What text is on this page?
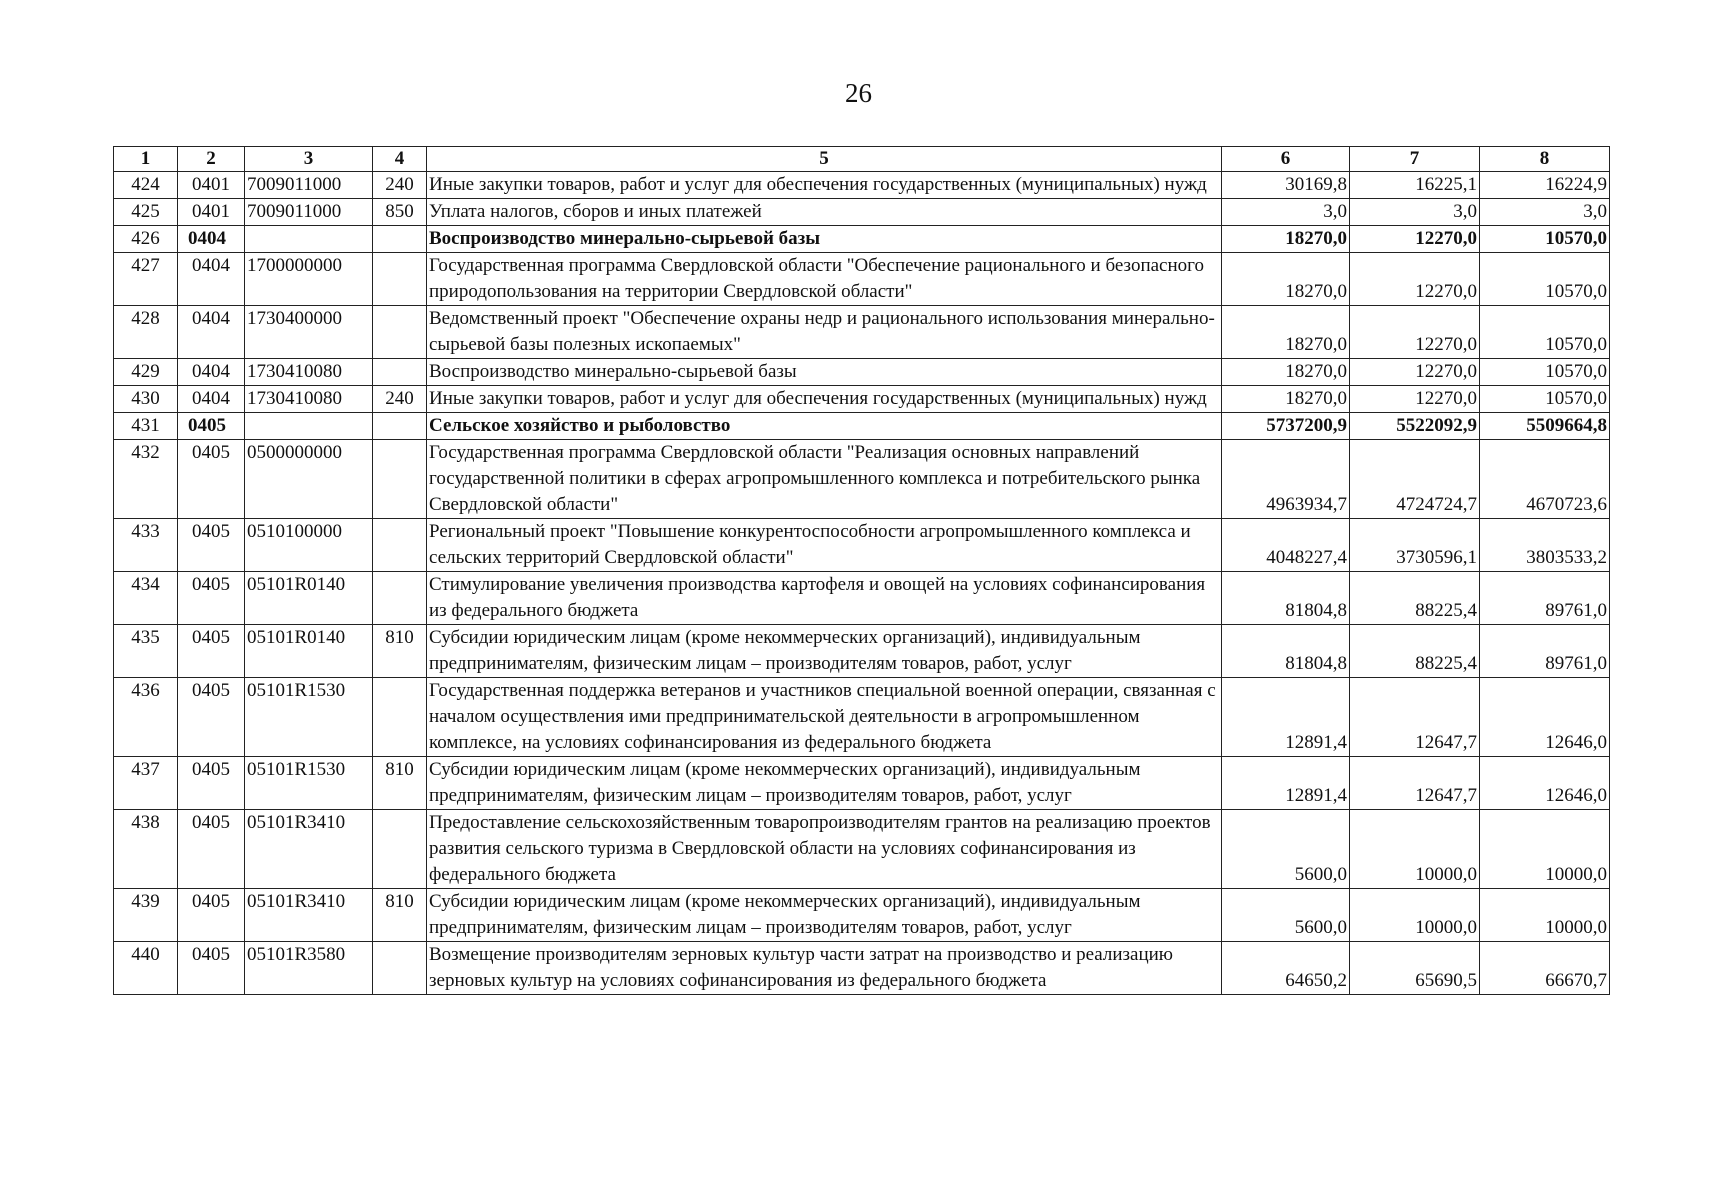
26
1	2	3	4	5	6	7	8
424	0401	7009011000	240	Иные закупки товаров, работ и услуг для обеспечения государственных (муниципальных) нужд	30169,8	16225,1	16224,9
425	0401	7009011000	850	Уплата налогов, сборов и иных платежей	3,0	3,0	3,0
426	0404			Воспроизводство минерально-сырьевой базы	18270,0	12270,0	10570,0
427	0404	1700000000		Государственная программа Свердловской области "Обеспечение рационального и безопасного природопользования на территории Свердловской области"	18270,0	12270,0	10570,0
428	0404	1730400000		Ведомственный проект "Обеспечение охраны недр и рационального использования минерально-сырьевой базы полезных ископаемых"	18270,0	12270,0	10570,0
429	0404	1730410080		Воспроизводство минерально-сырьевой базы	18270,0	12270,0	10570,0
430	0404	1730410080	240	Иные закупки товаров, работ и услуг для обеспечения государственных (муниципальных) нужд	18270,0	12270,0	10570,0
431	0405			Сельское хозяйство и рыболовство	5737200,9	5522092,9	5509664,8
432	0405	0500000000		Государственная программа Свердловской области "Реализация основных направлений государственной политики в сферах агропромышленного комплекса и потребительского рынка Свердловской области"	4963934,7	4724724,7	4670723,6
433	0405	0510100000		Региональный проект "Повышение конкурентоспособности агропромышленного комплекса и сельских территорий Свердловской области"	4048227,4	3730596,1	3803533,2
434	0405	05101R0140		Стимулирование увеличения производства картофеля и овощей на условиях софинансирования из федерального бюджета	81804,8	88225,4	89761,0
435	0405	05101R0140	810	Субсидии юридическим лицам (кроме некоммерческих организаций), индивидуальным предпринимателям, физическим лицам – производителям товаров, работ, услуг	81804,8	88225,4	89761,0
436	0405	05101R1530		Государственная поддержка ветеранов и участников специальной военной операции, связанная с началом осуществления ими предпринимательской деятельности в агропромышленном комплексе, на условиях софинансирования из федерального бюджета	12891,4	12647,7	12646,0
437	0405	05101R1530	810	Субсидии юридическим лицам (кроме некоммерческих организаций), индивидуальным предпринимателям, физическим лицам – производителям товаров, работ, услуг	12891,4	12647,7	12646,0
438	0405	05101R3410		Предоставление сельскохозяйственным товаропроизводителям грантов на реализацию проектов развития сельского туризма в Свердловской области на условиях софинансирования из федерального бюджета	5600,0	10000,0	10000,0
439	0405	05101R3410	810	Субсидии юридическим лицам (кроме некоммерческих организаций), индивидуальным предпринимателям, физическим лицам – производителям товаров, работ, услуг	5600,0	10000,0	10000,0
440	0405	05101R3580		Возмещение производителям зерновых культур части затрат на производство и реализацию зерновых культур на условиях софинансирования из федерального бюджета	64650,2	65690,5	66670,7
